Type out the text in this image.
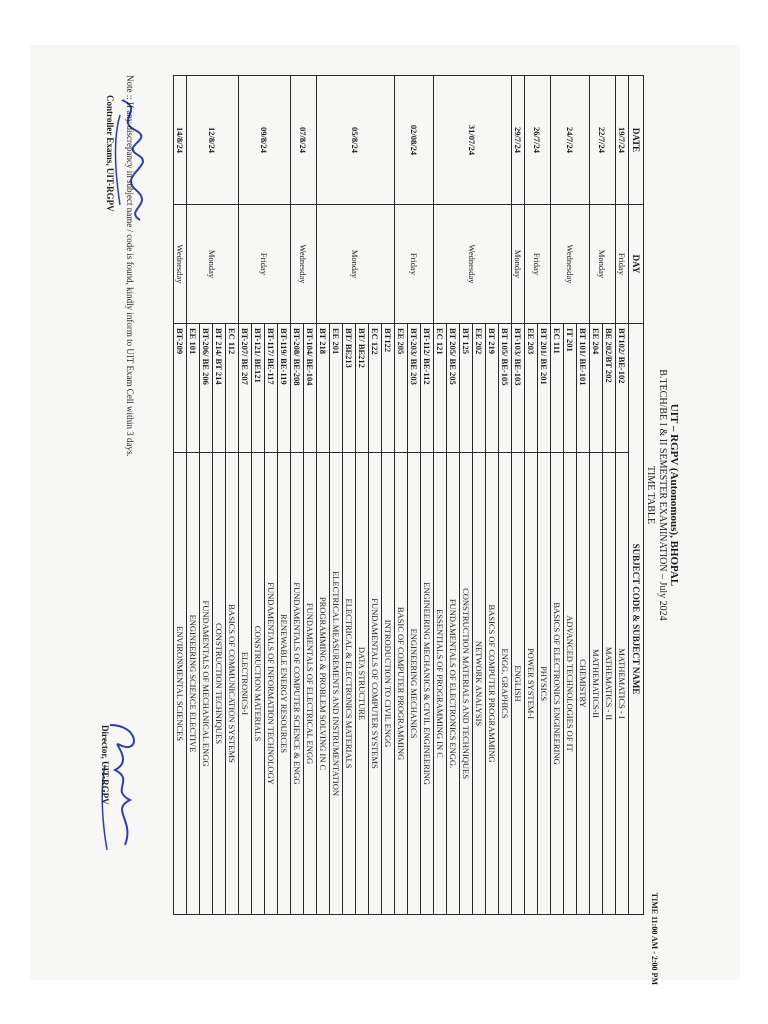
UIT – RGPV (Autonomous), BHOPAL
B.TECH/BE I & II SEMESTER EXAMINATION – July 2024
TIME TABLE
TIME 11:00 AM - 2:00 PM
DATE	DAY	SUBJECT CODE & SUBJECT NAME	
19/7/24	Friday	BT102/ BE-102	MATHEMATICS - I
22/7/24	Monday	BE 202/BT 202	MATHEMATICS - II
		EE 204	MATHEMATICS-II
24/7/24	Wednesday	BT 101/ BE-101	CHEMISTRY
		IT 201	ADVANCED TECHNOLOGIES OF IT
		EC 111	BASICS OF ELECTRONICS ENGINEERING
26/7/24	Friday	BT 201/ BE 201	PHYSICS
		EE 203	POWER SYSTEM-I
29/7/24	Monday	BT-103/ BE-103	ENGLISH
31/07/24	Wednesday	BT 105/ BE-105	ENGG. GRAPHICS
		BT 219	BASICS OF COMPUTER PROGRAMMING
		EE 202	NETWORK ANALYSIS
		BT 125	CONSTRUCTION MATERIALS AND TECHNIQUES
		BT 205/ BE 205	FUNDAMENTALS OF ELECTRONICS ENGG.
		EC 121	ESSENTIALS OF PROGRAMMING IN C
02/08/24	Friday	BT-112/ BE-112	ENGINEERING MECHANICS & CIVIL ENGINEERING
		BT-203/ BE 203	ENGINEERING MECHANICS
		EE 205	BASIC OF COMPUTER PROGRAMMING
05/8/24	Monday	BT122	INTRODUCTION TO CIVIL ENGG
		EC 122	FUNDAMENTALS OF COMPUTER SYSTEMS
		BT/ BE212	DATA STRUCTURE
		BT/ BE213	ELECTRICAL & ELECTRONICS MATERIALS
		EE 201	ELECTRICAL MEASUREMENTS AND INSTRUMENTATION
		BT 218	PROGRAMMING & PROBLEM SOLVING IN C
07/8/24	Wednesday	BT-104/ BE-104	FUNDAMENTALS OF ELECTRICAL ENGG
		BT-208/ BE-208	FUNDAMENTALS OF COMPUTER SCIENCE & ENGG
09/8/24	Friday	BT-119/ BE-119	RENEWABLE ENERGY RESOURCES
		BT-117/ BE-117	FUNDAMENTALS OF INFORMATION TECHNOLOGY
		BT-121/ BE121	CONSTRUCTION MATERIALS
		BT-207/ BE 207	ELECTRONICS-I
12/8/24	Monday	EC 112	BASICS OF COMMUNICATION SYSTEMS
		BT 214/ BT 214	CONSTRUCTION TECHNIQUES
		BT-206/ BE 206	FUNDAMENTALS OF MECHANICAL ENGG
		EE 101	ENGINEERING SCIENCE ELECTIVE
14/8/24	Wednesday	BT-209	ENVIRONMENTAL SCIENCES
Note :: If any discrepancy in subject name / code is found, kindly inform to UIT Exam Cell within 3 days.
Controller Exams, UIT-RGPV
Director, UIT-RGPV
